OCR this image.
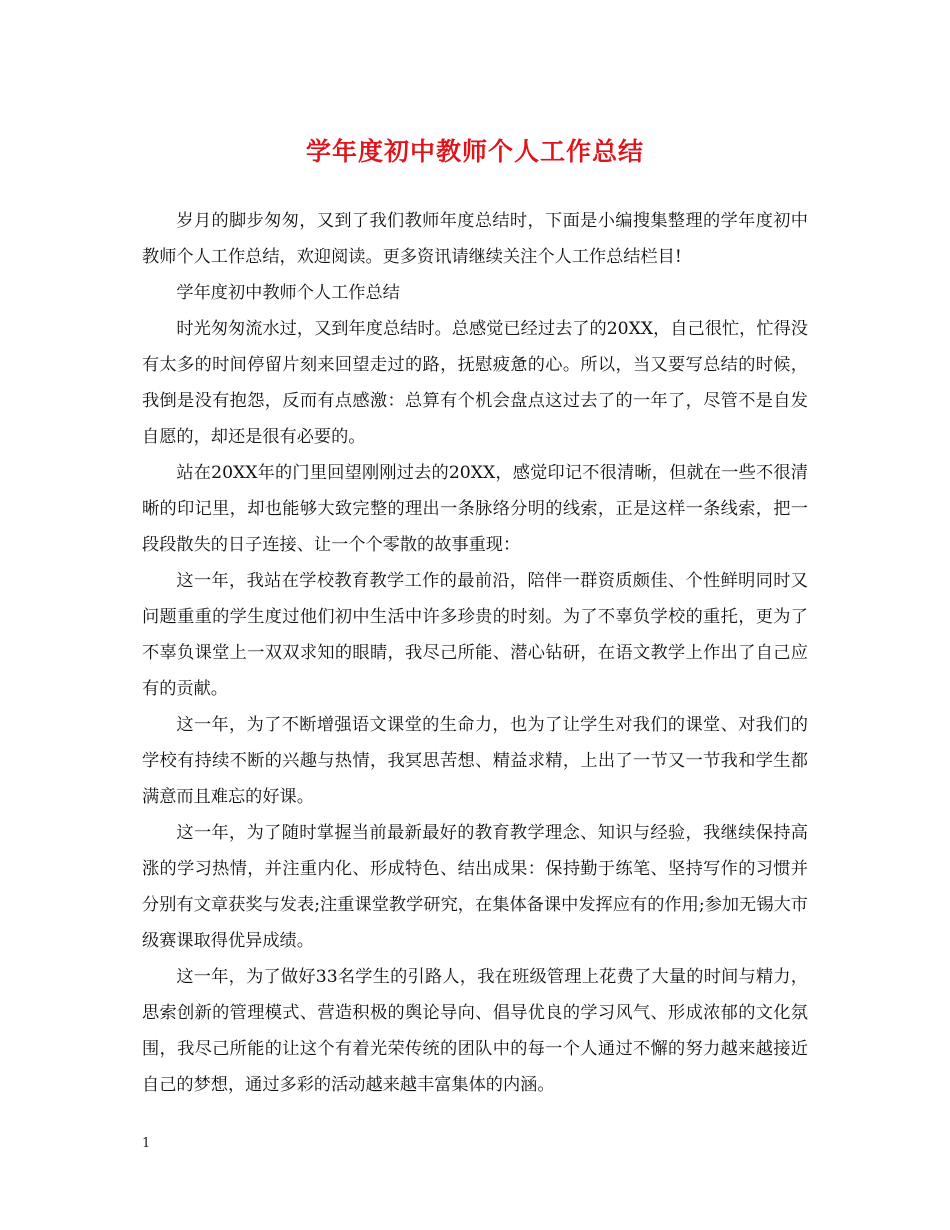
学年度初中教师个人工作总结

岁月的脚步匆匆，又到了我们教师年度总结时，下面是小编搜集整理的学年度初中教师个人工作总结，欢迎阅读。更多资讯请继续关注个人工作总结栏目!

学年度初中教师个人工作总结

时光匆匆流水过，又到年度总结时。总感觉已经过去了的20XX，自己很忙，忙得没有太多的时间停留片刻来回望走过的路，抚慰疲惫的心。所以，当又要写总结的时候，我倒是没有抱怨，反而有点感激：总算有个机会盘点这过去了的一年了，尽管不是自发自愿的，却还是很有必要的。

站在20XX年的门里回望刚刚过去的20XX，感觉印记不很清晰，但就在一些不很清晰的印记里，却也能够大致完整的理出一条脉络分明的线索，正是这样一条线索，把一段段散失的日子连接、让一个个零散的故事重现：

这一年，我站在学校教育教学工作的最前沿，陪伴一群资质颇佳、个性鲜明同时又问题重重的学生度过他们初中生活中许多珍贵的时刻。为了不辜负学校的重托，更为了不辜负课堂上一双双求知的眼睛，我尽己所能、潜心钻研，在语文教学上作出了自己应有的贡献。

这一年，为了不断增强语文课堂的生命力，也为了让学生对我们的课堂、对我们的学校有持续不断的兴趣与热情，我冥思苦想、精益求精，上出了一节又一节我和学生都满意而且难忘的好课。

这一年，为了随时掌握当前最新最好的教育教学理念、知识与经验，我继续保持高涨的学习热情，并注重内化、形成特色、结出成果：保持勤于练笔、坚持写作的习惯并分别有文章获奖与发表;注重课堂教学研究，在集体备课中发挥应有的作用;参加无锡大市级赛课取得优异成绩。

这一年，为了做好33名学生的引路人，我在班级管理上花费了大量的时间与精力，思索创新的管理模式、营造积极的舆论导向、倡导优良的学习风气、形成浓郁的文化氛围，我尽己所能的让这个有着光荣传统的团队中的每一个人通过不懈的努力越来越接近自己的梦想，通过多彩的活动越来越丰富集体的内涵。

1
